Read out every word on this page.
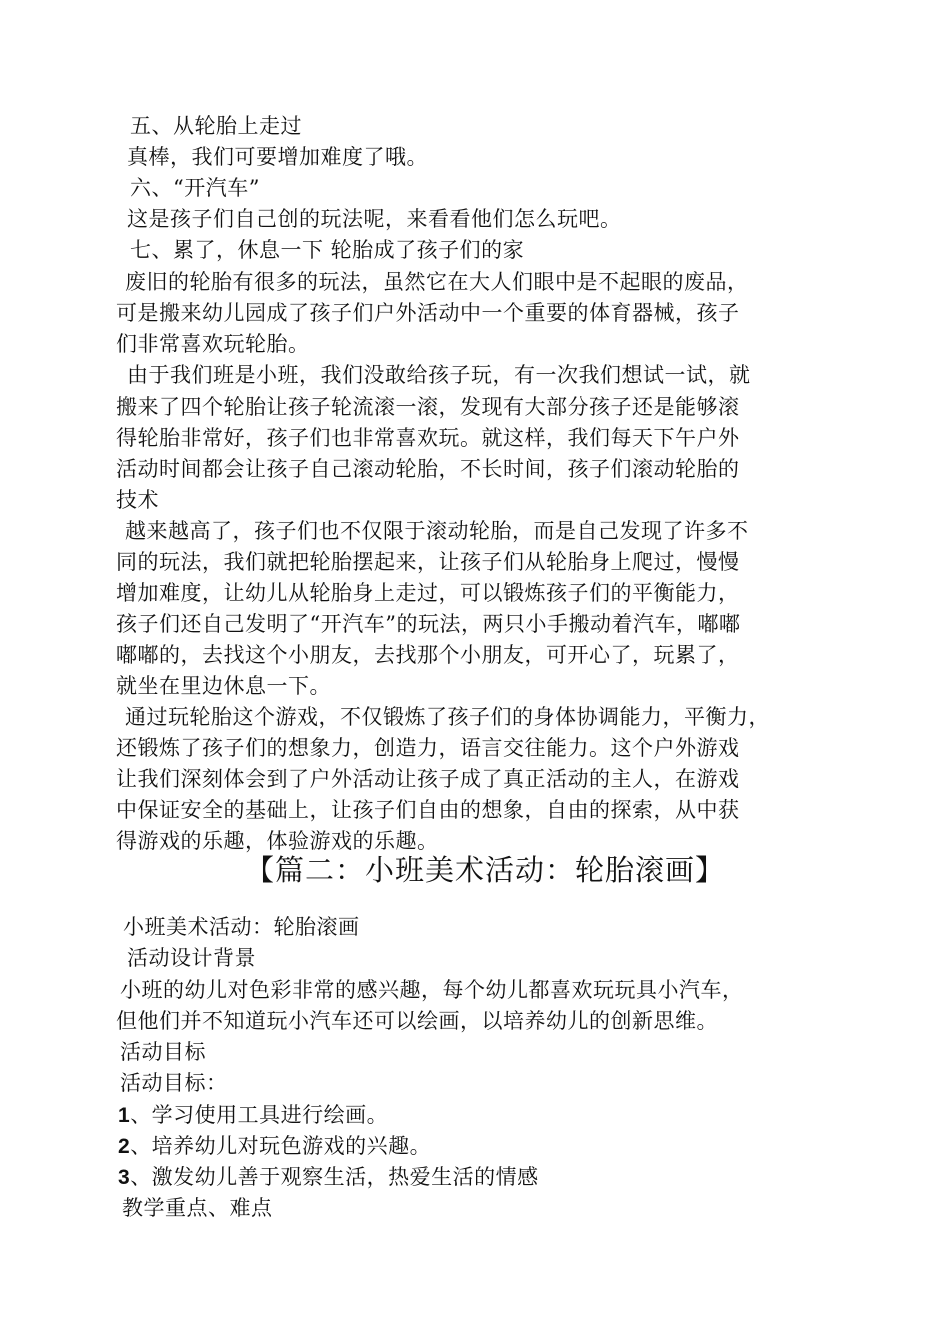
五、从轮胎上走过
真棒，我们可要增加难度了哦。
六、“开汽车”
这是孩子们自己创的玩法呢，来看看他们怎么玩吧。
七、累了，休息一下 轮胎成了孩子们的家
废旧的轮胎有很多的玩法，虽然它在大人们眼中是不起眼的废品，
可是搬来幼儿园成了孩子们户外活动中一个重要的体育器械，孩子
们非常喜欢玩轮胎。
由于我们班是小班，我们没敢给孩子玩，有一次我们想试一试，就
搬来了四个轮胎让孩子轮流滚一滚，发现有大部分孩子还是能够滚
得轮胎非常好，孩子们也非常喜欢玩。就这样，我们每天下午户外
活动时间都会让孩子自己滚动轮胎，不长时间，孩子们滚动轮胎的
技术
越来越高了，孩子们也不仅限于滚动轮胎，而是自己发现了许多不
同的玩法，我们就把轮胎摆起来，让孩子们从轮胎身上爬过，慢慢
增加难度，让幼儿从轮胎身上走过，可以锻炼孩子们的平衡能力，
孩子们还自己发明了“开汽车”的玩法，两只小手搬动着汽车，嘟嘟
嘟嘟的，去找这个小朋友，去找那个小朋友，可开心了，玩累了，
就坐在里边休息一下。
通过玩轮胎这个游戏，不仅锻炼了孩子们的身体协调能力，平衡力，
还锻炼了孩子们的想象力，创造力，语言交往能力。这个户外游戏
让我们深刻体会到了户外活动让孩子成了真正活动的主人，在游戏
中保证安全的基础上，让孩子们自由的想象，自由的探索，从中获
得游戏的乐趣，体验游戏的乐趣。
【篇二：小班美术活动：轮胎滚画】
小班美术活动：轮胎滚画
活动设计背景
小班的幼儿对色彩非常的感兴趣，每个幼儿都喜欢玩玩具小汽车，
但他们并不知道玩小汽车还可以绘画，以培养幼儿的创新思维。
活动目标
活动目标：
1、学习使用工具进行绘画。
2、培养幼儿对玩色游戏的兴趣。
3、激发幼儿善于观察生活，热爱生活的情感
教学重点、难点
